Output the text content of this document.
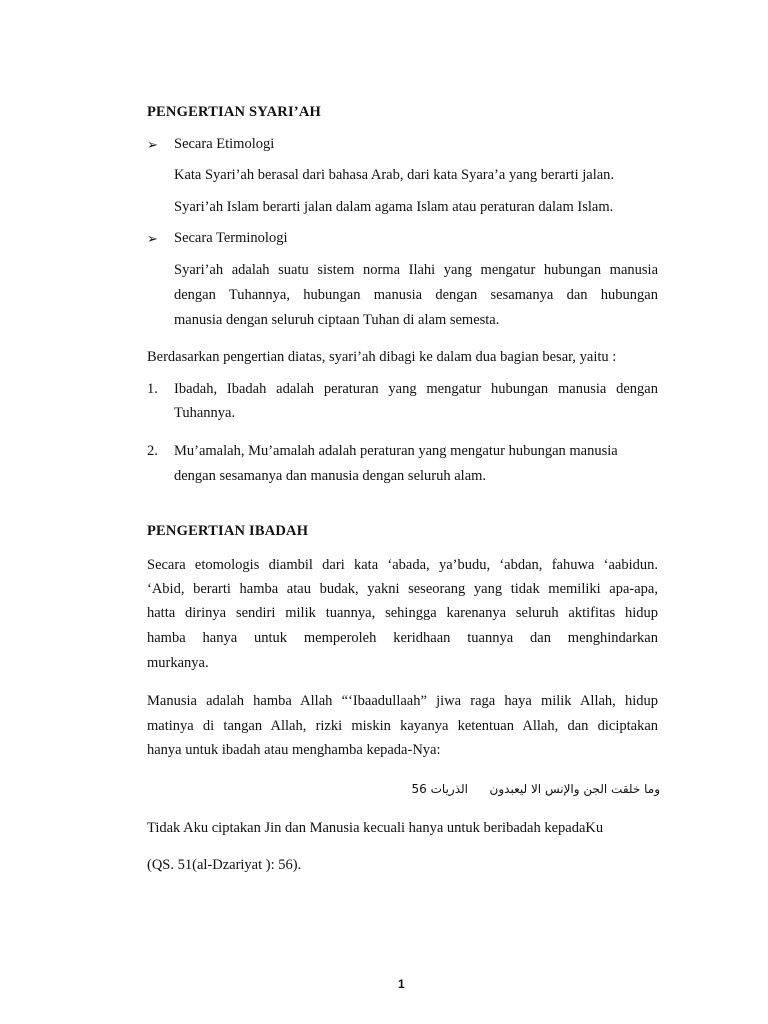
PENGERTIAN SYARI’AH
➢ Secara Etimologi
Kata Syari’ah berasal dari bahasa Arab, dari kata Syara’a yang berarti jalan.
Syari’ah Islam berarti jalan dalam agama Islam atau peraturan dalam Islam.
➢ Secara Terminologi
Syari’ah adalah suatu sistem norma Ilahi yang mengatur hubungan manusia
dengan Tuhannya, hubungan manusia dengan sesamanya dan hubungan
manusia dengan seluruh ciptaan Tuhan di alam semesta.
Berdasarkan pengertian diatas, syari’ah dibagi ke dalam dua bagian besar, yaitu :
1. Ibadah, Ibadah adalah peraturan yang mengatur hubungan manusia dengan
Tuhannya.
2. Mu’amalah, Mu’amalah adalah peraturan yang mengatur hubungan manusia
dengan sesamanya dan manusia dengan seluruh alam.
PENGERTIAN IBADAH
Secara etomologis diambil dari kata ‘abada, ya’budu, ‘abdan, fahuwa ‘aabidun.
‘Abid, berarti hamba atau budak, yakni seseorang yang tidak memiliki apa-apa,
hatta dirinya sendiri milik tuannya, sehingga karenanya seluruh aktifitas hidup
hamba hanya untuk memperoleh keridhaan tuannya dan menghindarkan
murkanya.
Manusia adalah hamba Allah “‘Ibaadullaah” jiwa raga haya milik Allah, hidup
matinya di tangan Allah, rizki miskin kayanya ketentuan Allah, dan diciptakan
hanya untuk ibadah atau menghamba kepada-Nya:
وما خلقت الجن والإنس الا ليعبدون
الذريات 56
Tidak Aku ciptakan Jin dan Manusia kecuali hanya untuk beribadah kepadaKu
(QS. 51(al-Dzariyat ): 56).
1
